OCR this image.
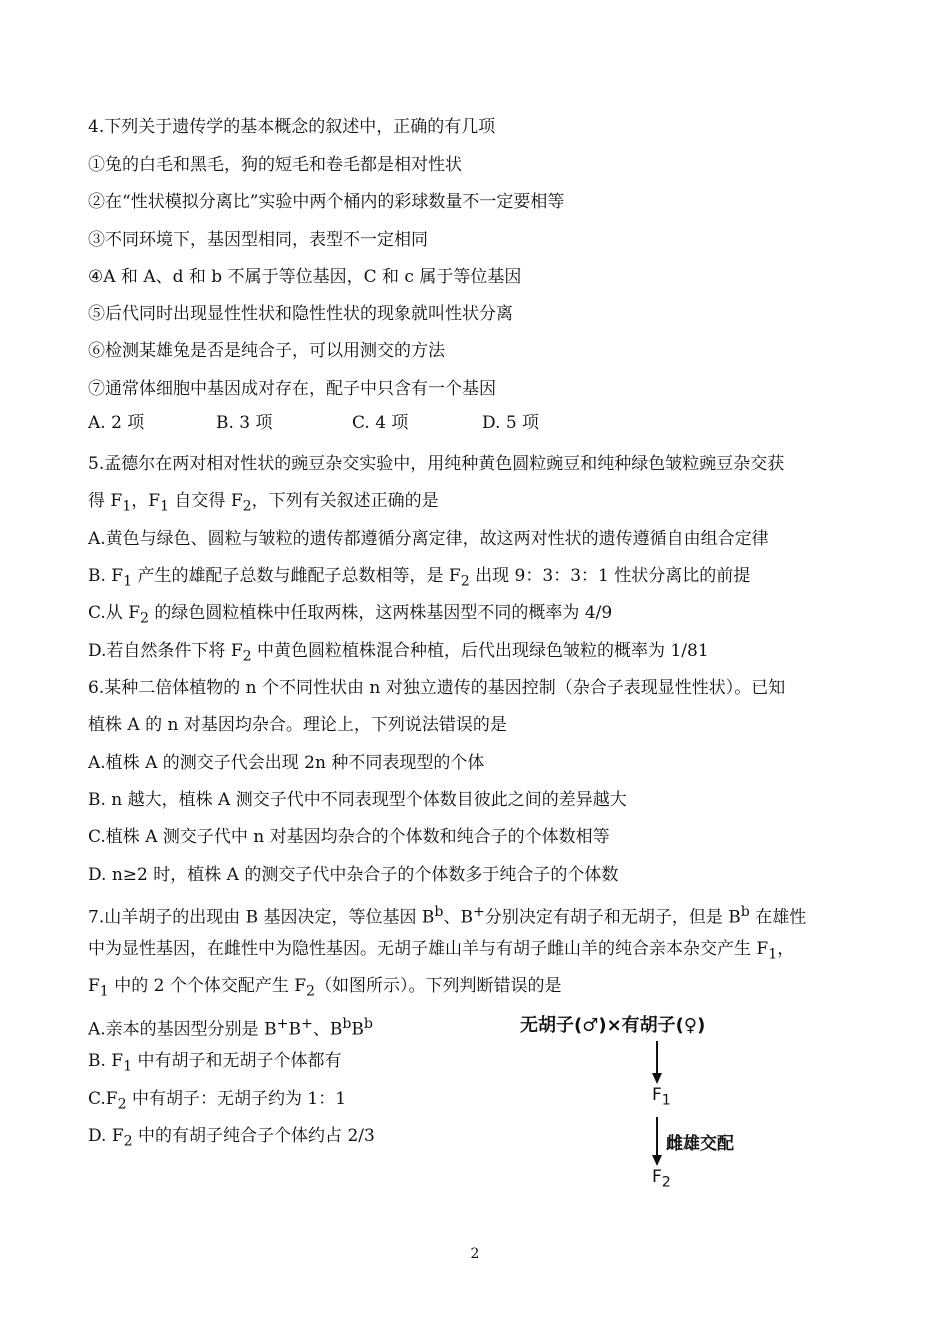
4.下列关于遗传学的基本概念的叙述中，正确的有几项
①兔的白毛和黑毛，狗的短毛和卷毛都是相对性状
②在“性状模拟分离比”实验中两个桶内的彩球数量不一定要相等
③不同环境下，基因型相同，表型不一定相同
④A 和 A、d 和 b 不属于等位基因，C 和 c 属于等位基因
⑤后代同时出现显性性状和隐性性状的现象就叫性状分离
⑥检测某雄兔是否是纯合子，可以用测交的方法
⑦通常体细胞中基因成对存在，配子中只含有一个基因
A. 2 项	B. 3 项	C. 4 项	D. 5 项
5.孟德尔在两对相对性状的豌豆杂交实验中，用纯种黄色圆粒豌豆和纯种绿色皱粒豌豆杂交获
得 $F_1$，$F_1$ 自交得 $F_2$，下列有关叙述正确的是
A.黄色与绿色、圆粒与皱粒的遗传都遵循分离定律，故这两对性状的遗传遵循自由组合定律
B. $F_1$ 产生的雄配子总数与雌配子总数相等，是 $F_2$ 出现 9：3：3：1 性状分离比的前提
C.从 $F_2$ 的绿色圆粒植株中任取两株，这两株基因型不同的概率为 4/9
D.若自然条件下将 $F_2$ 中黄色圆粒植株混合种植，后代出现绿色皱粒的概率为 1/81
6.某种二倍体植物的 n 个不同性状由 n 对独立遗传的基因控制（杂合子表现显性性状）。已知
植株 A 的 n 对基因均杂合。理论上，下列说法错误的是
A.植株 A 的测交子代会出现 2n 种不同表现型的个体
B. n 越大，植株 A 测交子代中不同表现型个体数目彼此之间的差异越大
C.植株 A 测交子代中 n 对基因均杂合的个体数和纯合子的个体数相等
D. n≥2 时，植株 A 的测交子代中杂合子的个体数多于纯合子的个体数
7.山羊胡子的出现由 B 基因决定，等位基因 $B^b$、B+分别决定有胡子和无胡子，但是 $B^b$ 在雄性
中为显性基因，在雌性中为隐性基因。无胡子雄山羊与有胡子雌山羊的纯合亲本杂交产生 $F_1$，
$F_1$ 中的 2 个个体交配产生 $F_2$（如图所示）。下列判断错误的是
A.亲本的基因型分别是 B+B+、$B^bB^b$
B. $F_1$ 中有胡子和无胡子个体都有
$C.F_2$ 中有胡子：无胡子约为 1：1
D. $F_2$ 中的有胡子纯合子个体约占 2/3
无胡子(♂)×有胡子(♀)
$F_1$
雌雄交配
$F_2$
2
